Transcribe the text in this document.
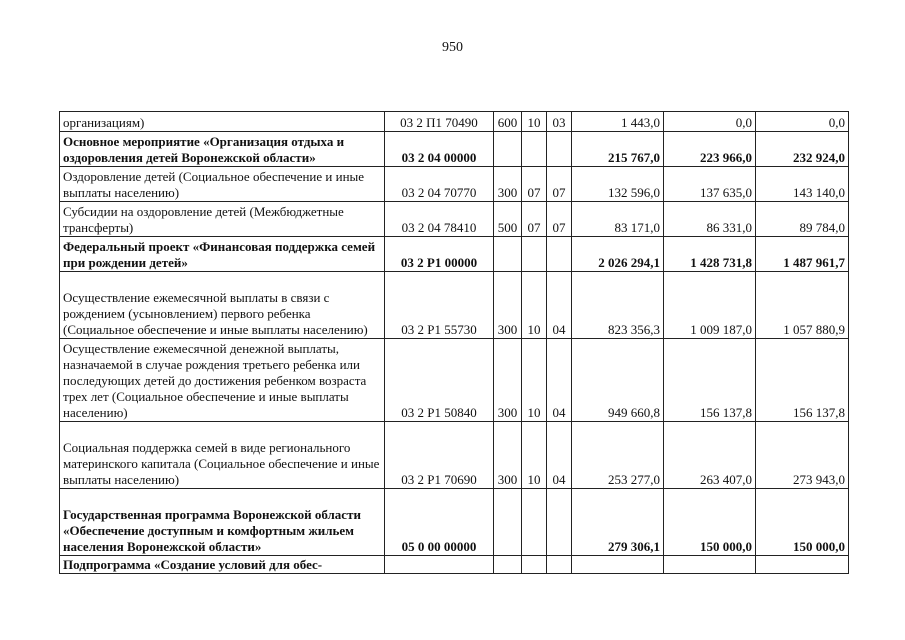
950
организациям)	03 2 П1 70490	600	10	03	1 443,0	0,0	0,0
Основное мероприятие «Организация отдыха и оздоровления детей Воронежской области»	03 2 04 00000				215 767,0	223 966,0	232 924,0
Оздоровление детей (Социальное обеспечение и иные выплаты населению)	03 2 04 70770	300	07	07	132 596,0	137 635,0	143 140,0
Субсидии на оздоровление детей (Межбюджетные трансферты)	03 2 04 78410	500	07	07	83 171,0	86 331,0	89 784,0
Федеральный проект «Финансовая поддержка семей при рождении детей»	03 2 P1 00000				2 026 294,1	1 428 731,8	1 487 961,7
Осуществление ежемесячной выплаты в связи с рождением (усыновлением) первого ребенка (Социальное обеспечение и иные выплаты населению)	03 2 P1 55730	300	10	04	823 356,3	1 009 187,0	1 057 880,9
Осуществление ежемесячной денежной выплаты, назначаемой в случае рождения третьего ребенка или последующих детей до достижения ребенком возраста трех лет (Социальное обеспечение и иные выплаты населению)	03 2 P1 50840	300	10	04	949 660,8	156 137,8	156 137,8
Социальная поддержка семей в виде регионального материнского капитала (Социальное обеспечение и иные выплаты населению)	03 2 P1 70690	300	10	04	253 277,0	263 407,0	273 943,0
Государственная программа Воронежской области «Обеспечение доступным и комфортным жильем населения Воронежской области»	05 0 00 00000				279 306,1	150 000,0	150 000,0
Подпрограмма «Создание условий для обес-							
